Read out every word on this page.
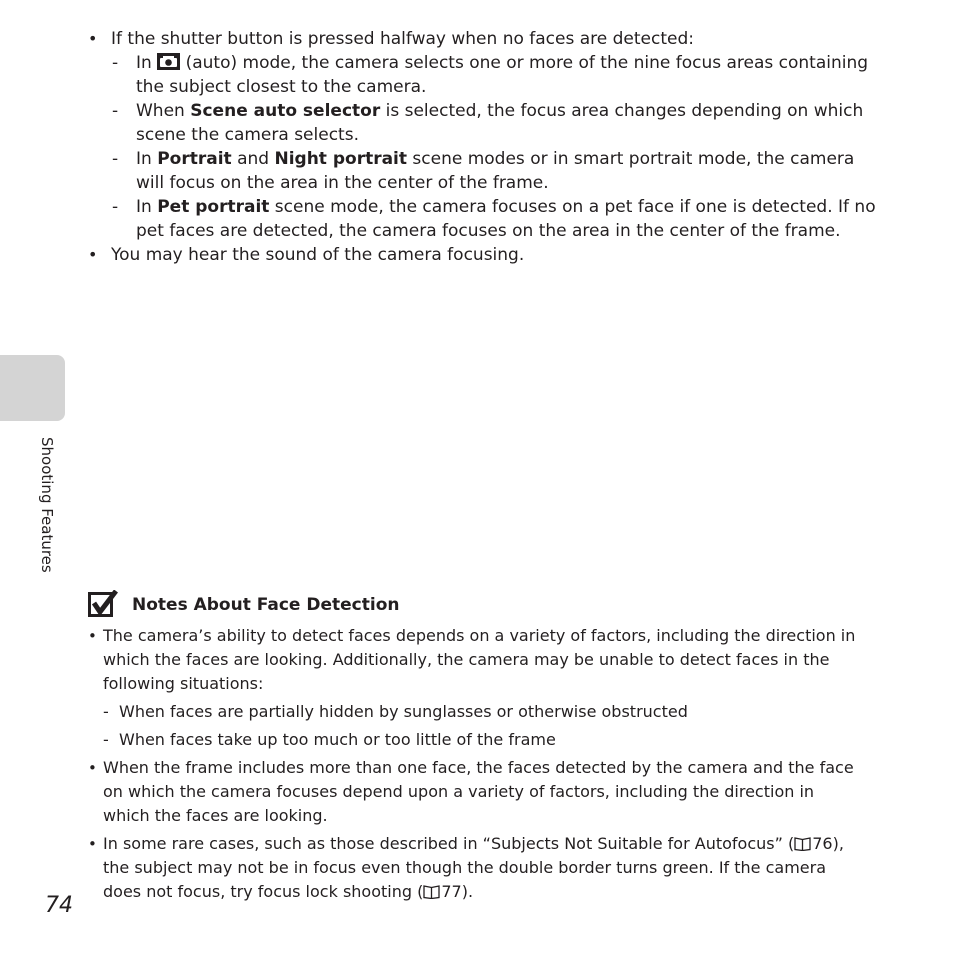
• If the shutter button is pressed halfway when no faces are detected:
- In  (auto) mode, the camera selects one or more of the nine focus areas containing the subject closest to the camera.
- When Scene auto selector is selected, the focus area changes depending on which scene the camera selects.
- In Portrait and Night portrait scene modes or in smart portrait mode, the camera will focus on the area in the center of the frame.
- In Pet portrait scene mode, the camera focuses on a pet face if one is detected. If no pet faces are detected, the camera focuses on the area in the center of the frame.
• You may hear the sound of the camera focusing.
Shooting Features
Notes About Face Detection
• The camera’s ability to detect faces depends on a variety of factors, including the direction in which the faces are looking. Additionally, the camera may be unable to detect faces in the following situations:
- When faces are partially hidden by sunglasses or otherwise obstructed
- When faces take up too much or too little of the frame
• When the frame includes more than one face, the faces detected by the camera and the face on which the camera focuses depend upon a variety of factors, including the direction in which the faces are looking.
• In some rare cases, such as those described in “Subjects Not Suitable for Autofocus” ( 76), the subject may not be in focus even though the double border turns green. If the camera does not focus, try focus lock shooting ( 77).
74
